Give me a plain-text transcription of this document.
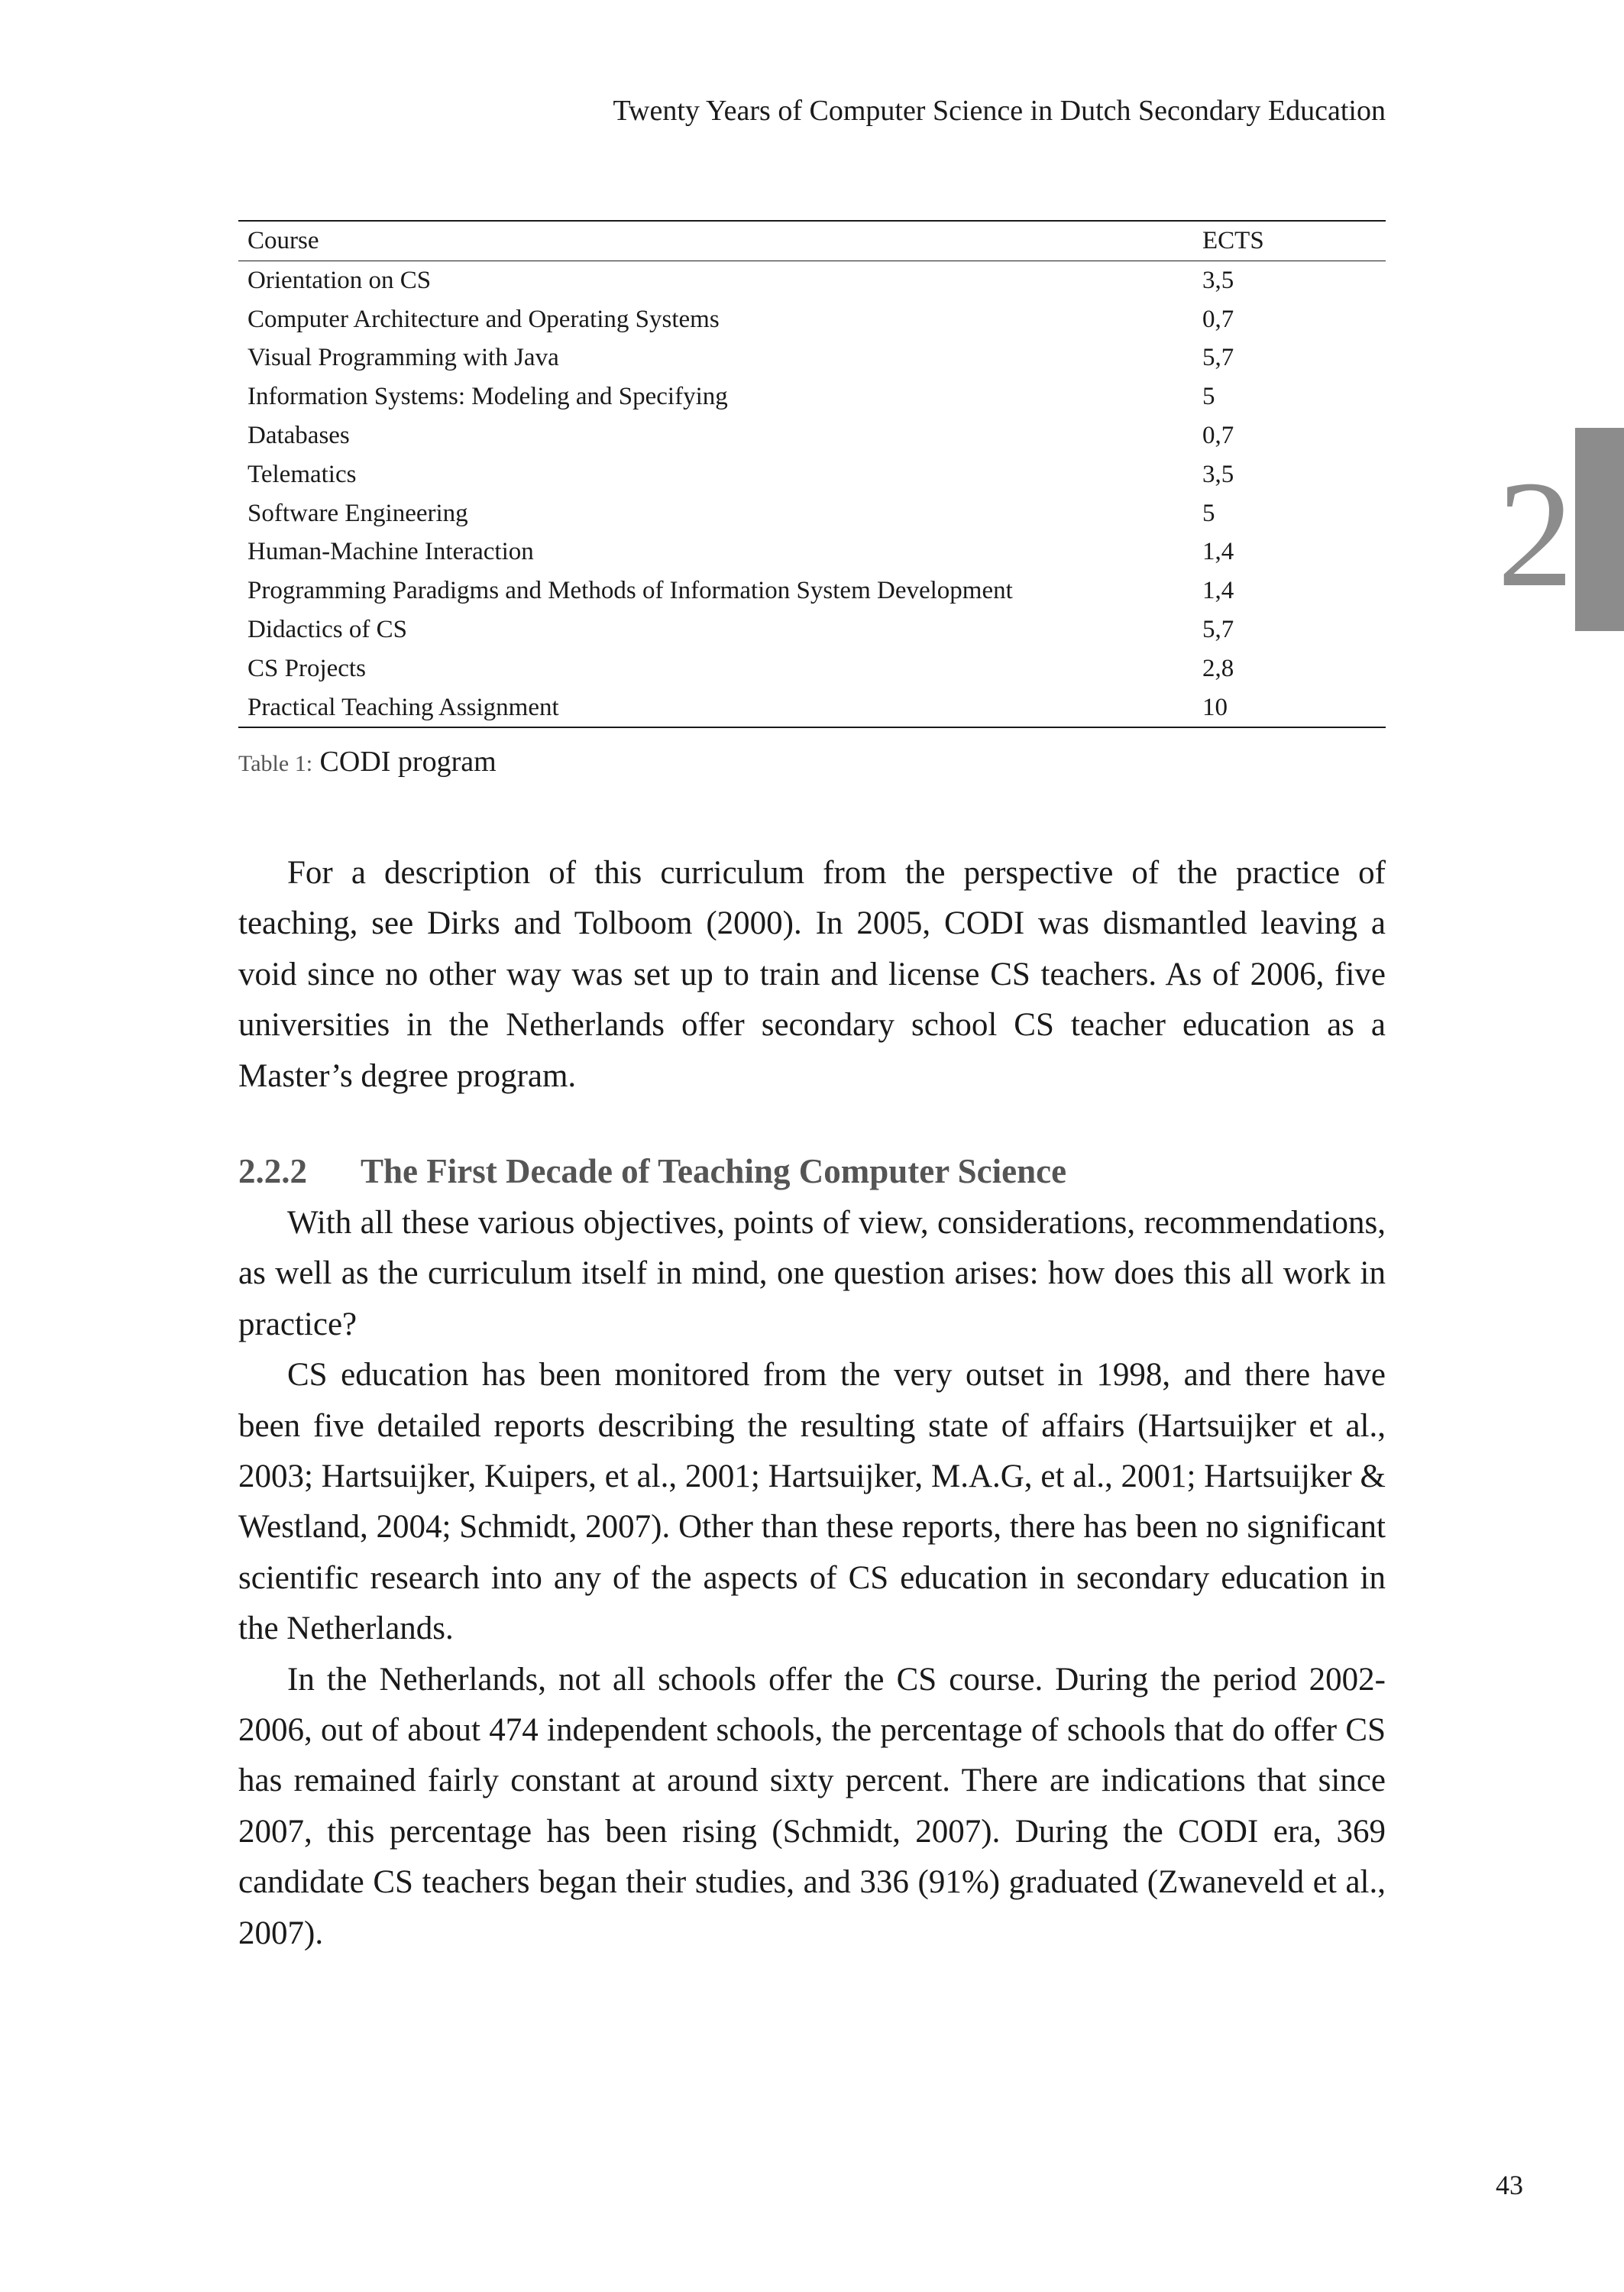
Twenty Years of Computer Science in Dutch Secondary Education
2
Course	ECTS
Orientation on CS	3,5
Computer Architecture and Operating Systems	0,7
Visual Programming with Java	5,7
Information Systems: Modeling and Specifying	5
Databases	0,7
Telematics	3,5
Software Engineering	5
Human-Machine Interaction	1,4
Programming Paradigms and Methods of Information System Development	1,4
Didactics of CS	5,7
CS Projects	2,8
Practical Teaching Assignment	10
Table 1: CODI program

For a description of this curriculum from the perspective of the practice of teaching, see Dirks and Tolboom (2000). In 2005, CODI was dismantled leaving a void since no other way was set up to train and license CS teachers. As of 2006, five universities in the Netherlands offer secondary school CS teacher education as a Master’s degree program.

2.2.2 The First Decade of Teaching Computer Science

With all these various objectives, points of view, considerations, recommendations, as well as the curriculum itself in mind, one question arises: how does this all work in practice?

CS education has been monitored from the very outset in 1998, and there have been five detailed reports describing the resulting state of affairs (Hartsuijker et al., 2003; Hartsuijker, Kuipers, et al., 2001; Hartsuijker, M.A.G, et al., 2001; Hartsuijker & Westland, 2004; Schmidt, 2007). Other than these reports, there has been no significant scientific research into any of the aspects of CS education in secondary education in the Netherlands.

In the Netherlands, not all schools offer the CS course. During the period 2002-2006, out of about 474 independent schools, the percentage of schools that do offer CS has remained fairly constant at around sixty percent. There are indications that since 2007, this percentage has been rising (Schmidt, 2007). During the CODI era, 369 candidate CS teachers began their studies, and 336 (91%) graduated (Zwaneveld et al., 2007).

43
